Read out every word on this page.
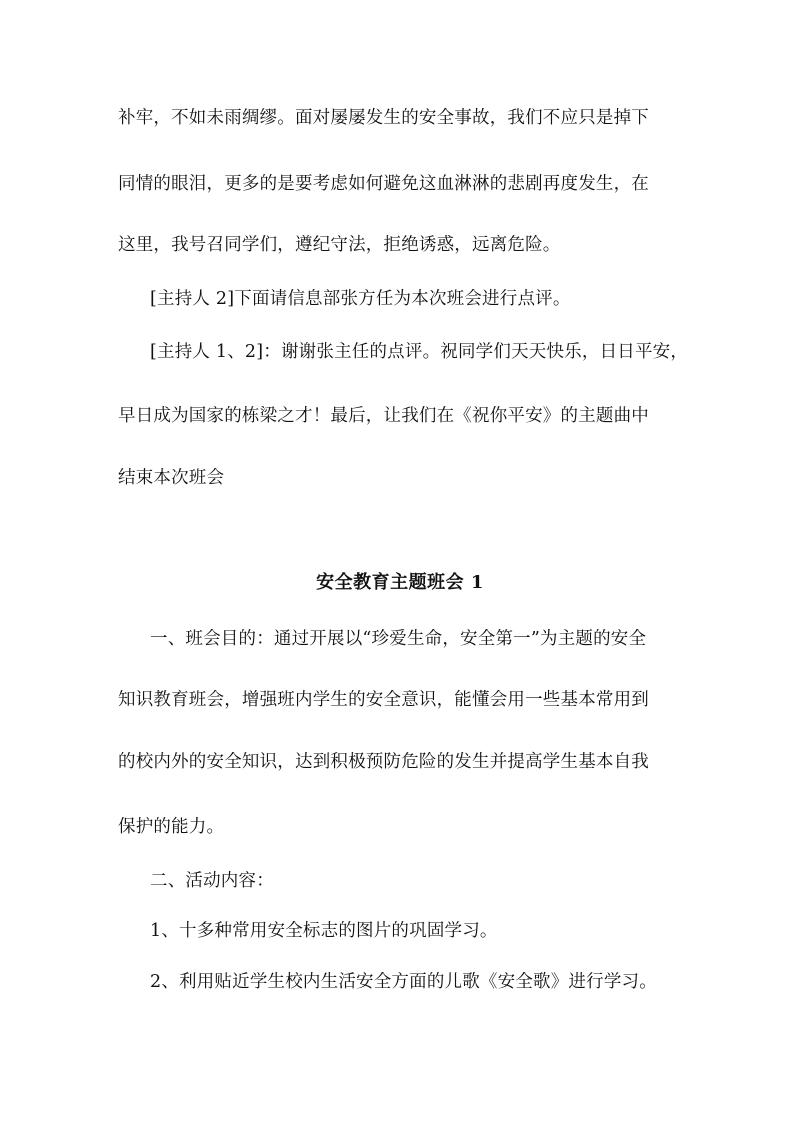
补牢，不如未雨绸缪。面对屡屡发生的安全事故，我们不应只是掉下
同情的眼泪，更多的是要考虑如何避免这血淋淋的悲剧再度发生，在
这里，我号召同学们，遵纪守法，拒绝诱惑，远离危险。
[主持人 2]下面请信息部张方任为本次班会进行点评。
[主持人 1、2]：谢谢张主任的点评。祝同学们天天快乐，日日平安，
早日成为国家的栋梁之才！最后，让我们在《祝你平安》的主题曲中
结束本次班会
安全教育主题班会 1
一、班会目的：通过开展以“珍爱生命，安全第一”为主题的安全
知识教育班会，增强班内学生的安全意识，能懂会用一些基本常用到
的校内外的安全知识，达到积极预防危险的发生并提高学生基本自我
保护的能力。
二、活动内容：
1、十多种常用安全标志的图片的巩固学习。
2、利用贴近学生校内生活安全方面的儿歌《安全歌》进行学习。
